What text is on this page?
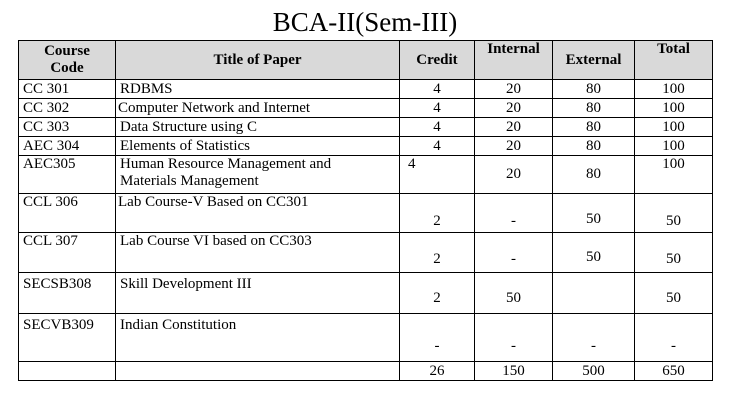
BCA-II(Sem-III)
Course
Code	Title of Paper	Credit	Internal	External	Total
CC 301	RDBMS	4	20	80	100
CC 302	Computer Network and Internet	4	20	80	100
CC 303	Data Structure using C	4	20	80	100
AEC 304	Elements of Statistics	4	20	80	100
AEC305	Human Resource Management and
Materials Management	4	20	80	100
CCL 306	Lab Course-V Based on CC301	2	-	50	50
CCL 307	Lab Course VI based on CC303	2	-	50	50
SECSB308	Skill Development III	2	50		50
SECVB309	Indian Constitution	-	-	-	-
		26	150	500	650
